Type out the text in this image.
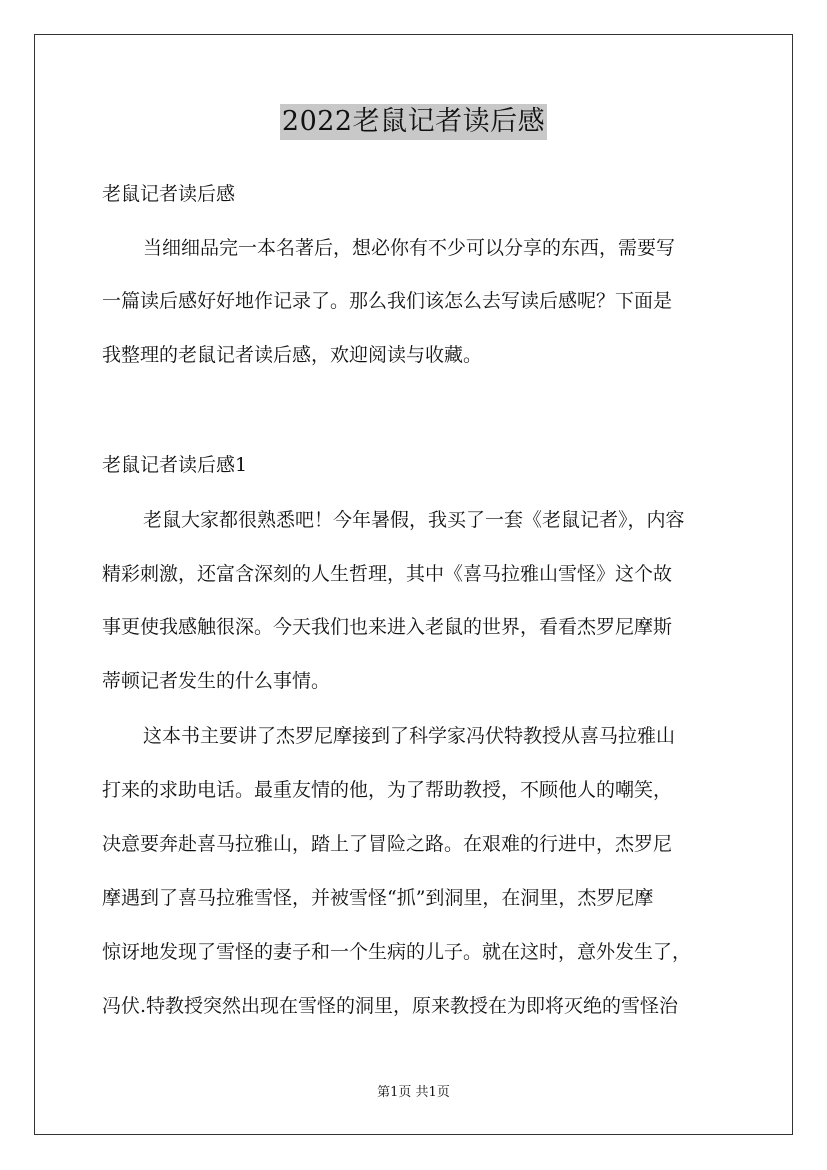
2022老鼠记者读后感
老鼠记者读后感
当细细品完一本名著后，想必你有不少可以分享的东西，需要写
一篇读后感好好地作记录了。那么我们该怎么去写读后感呢？下面是
我整理的老鼠记者读后感，欢迎阅读与收藏。
老鼠记者读后感1
老鼠大家都很熟悉吧！今年暑假，我买了一套《老鼠记者》，内容
精彩刺激，还富含深刻的人生哲理，其中《喜马拉雅山雪怪》这个故
事更使我感触很深。今天我们也来进入老鼠的世界，看看杰罗尼摩斯
蒂顿记者发生的什么事情。
这本书主要讲了杰罗尼摩接到了科学家冯伏特教授从喜马拉雅山
打来的求助电话。最重友情的他，为了帮助教授，不顾他人的嘲笑，
决意要奔赴喜马拉雅山，踏上了冒险之路。在艰难的行进中，杰罗尼
摩遇到了喜马拉雅雪怪，并被雪怪“抓”到洞里，在洞里，杰罗尼摩
惊讶地发现了雪怪的妻子和一个生病的儿子。就在这时，意外发生了，
冯伏.特教授突然出现在雪怪的洞里，原来教授在为即将灭绝的雪怪治
第1页 共1页
